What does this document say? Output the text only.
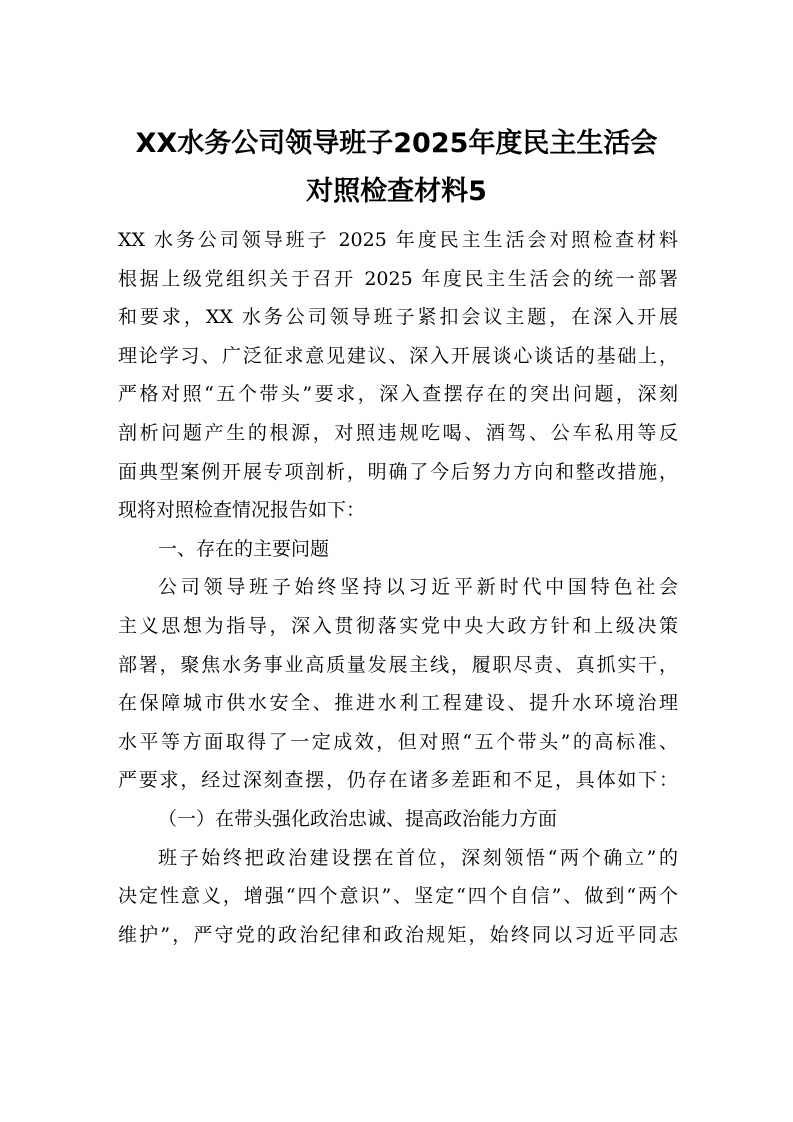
XX水务公司领导班子2025年度民主生活会
对照检查材料5
XX 水务公司领导班子 2025 年度民主生活会对照检查材料
根据上级党组织关于召开 2025 年度民主生活会的统一部署
和要求，XX 水务公司领导班子紧扣会议主题，在深入开展
理论学习、广泛征求意见建议、深入开展谈心谈话的基础上，
严格对照“五个带头”要求，深入查摆存在的突出问题，深刻
剖析问题产生的根源，对照违规吃喝、酒驾、公车私用等反
面典型案例开展专项剖析，明确了今后努力方向和整改措施，
现将对照检查情况报告如下：
一、存在的主要问题
公司领导班子始终坚持以习近平新时代中国特色社会
主义思想为指导，深入贯彻落实党中央大政方针和上级决策
部署，聚焦水务事业高质量发展主线，履职尽责、真抓实干，
在保障城市供水安全、推进水利工程建设、提升水环境治理
水平等方面取得了一定成效，但对照“五个带头”的高标准、
严要求，经过深刻查摆，仍存在诸多差距和不足，具体如下：
（一）在带头强化政治忠诚、提高政治能力方面
班子始终把政治建设摆在首位，深刻领悟“两个确立”的
决定性意义，增强“四个意识”、坚定“四个自信”、做到“两个
维护”，严守党的政治纪律和政治规矩，始终同以习近平同志
